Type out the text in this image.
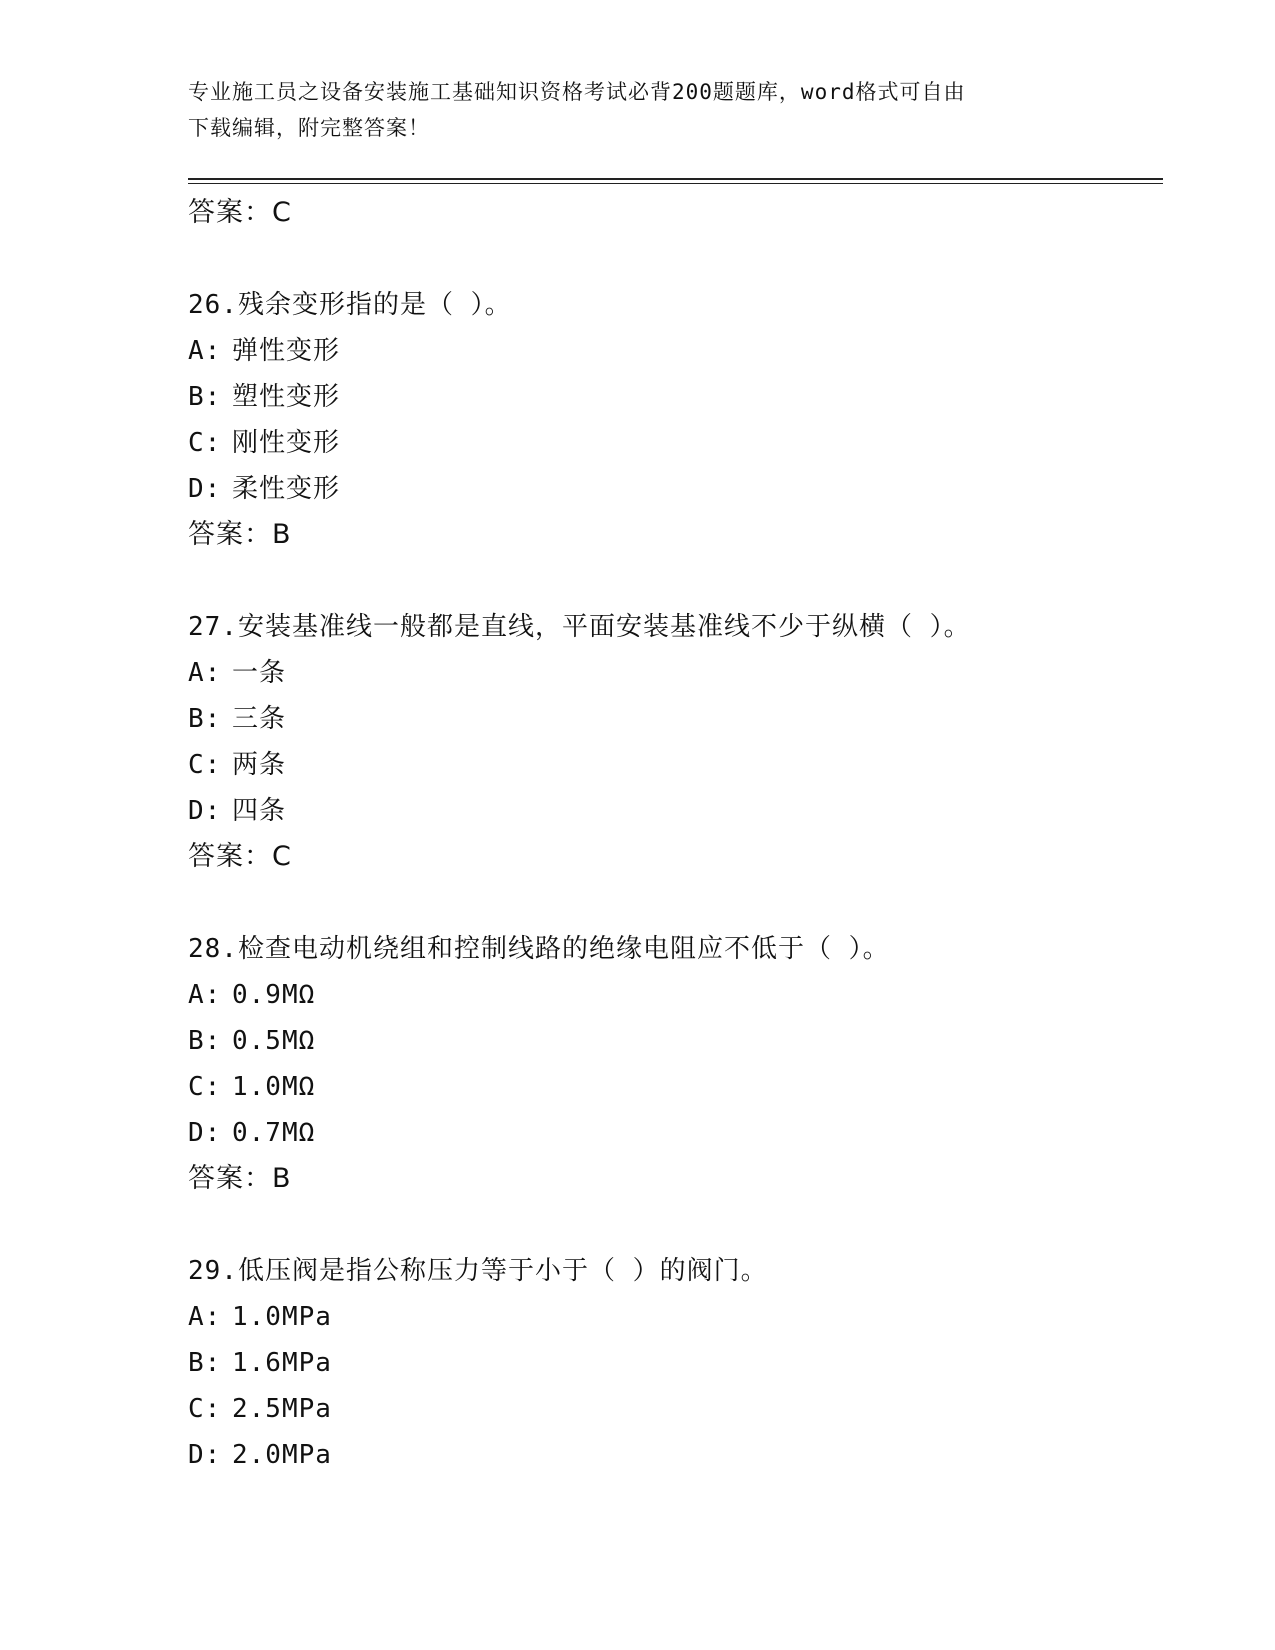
专业施工员之设备安装施工基础知识资格考试必背200题题库，word格式可自由
下载编辑，附完整答案！
答案：C
26.残余变形指的是（ ）。
A: 弹性变形
B: 塑性变形
C: 刚性变形
D: 柔性变形
答案：B
27.安装基准线一般都是直线，平面安装基准线不少于纵横（ ）。
A: 一条
B: 三条
C: 两条
D: 四条
答案：C
28.检查电动机绕组和控制线路的绝缘电阻应不低于（ ）。
A: 0.9MΩ
B: 0.5MΩ
C: 1.0MΩ
D: 0.7MΩ
答案：B
29.低压阀是指公称压力等于小于（ ）的阀门。
A: 1.0MPa
B: 1.6MPa
C: 2.5MPa
D: 2.0MPa
